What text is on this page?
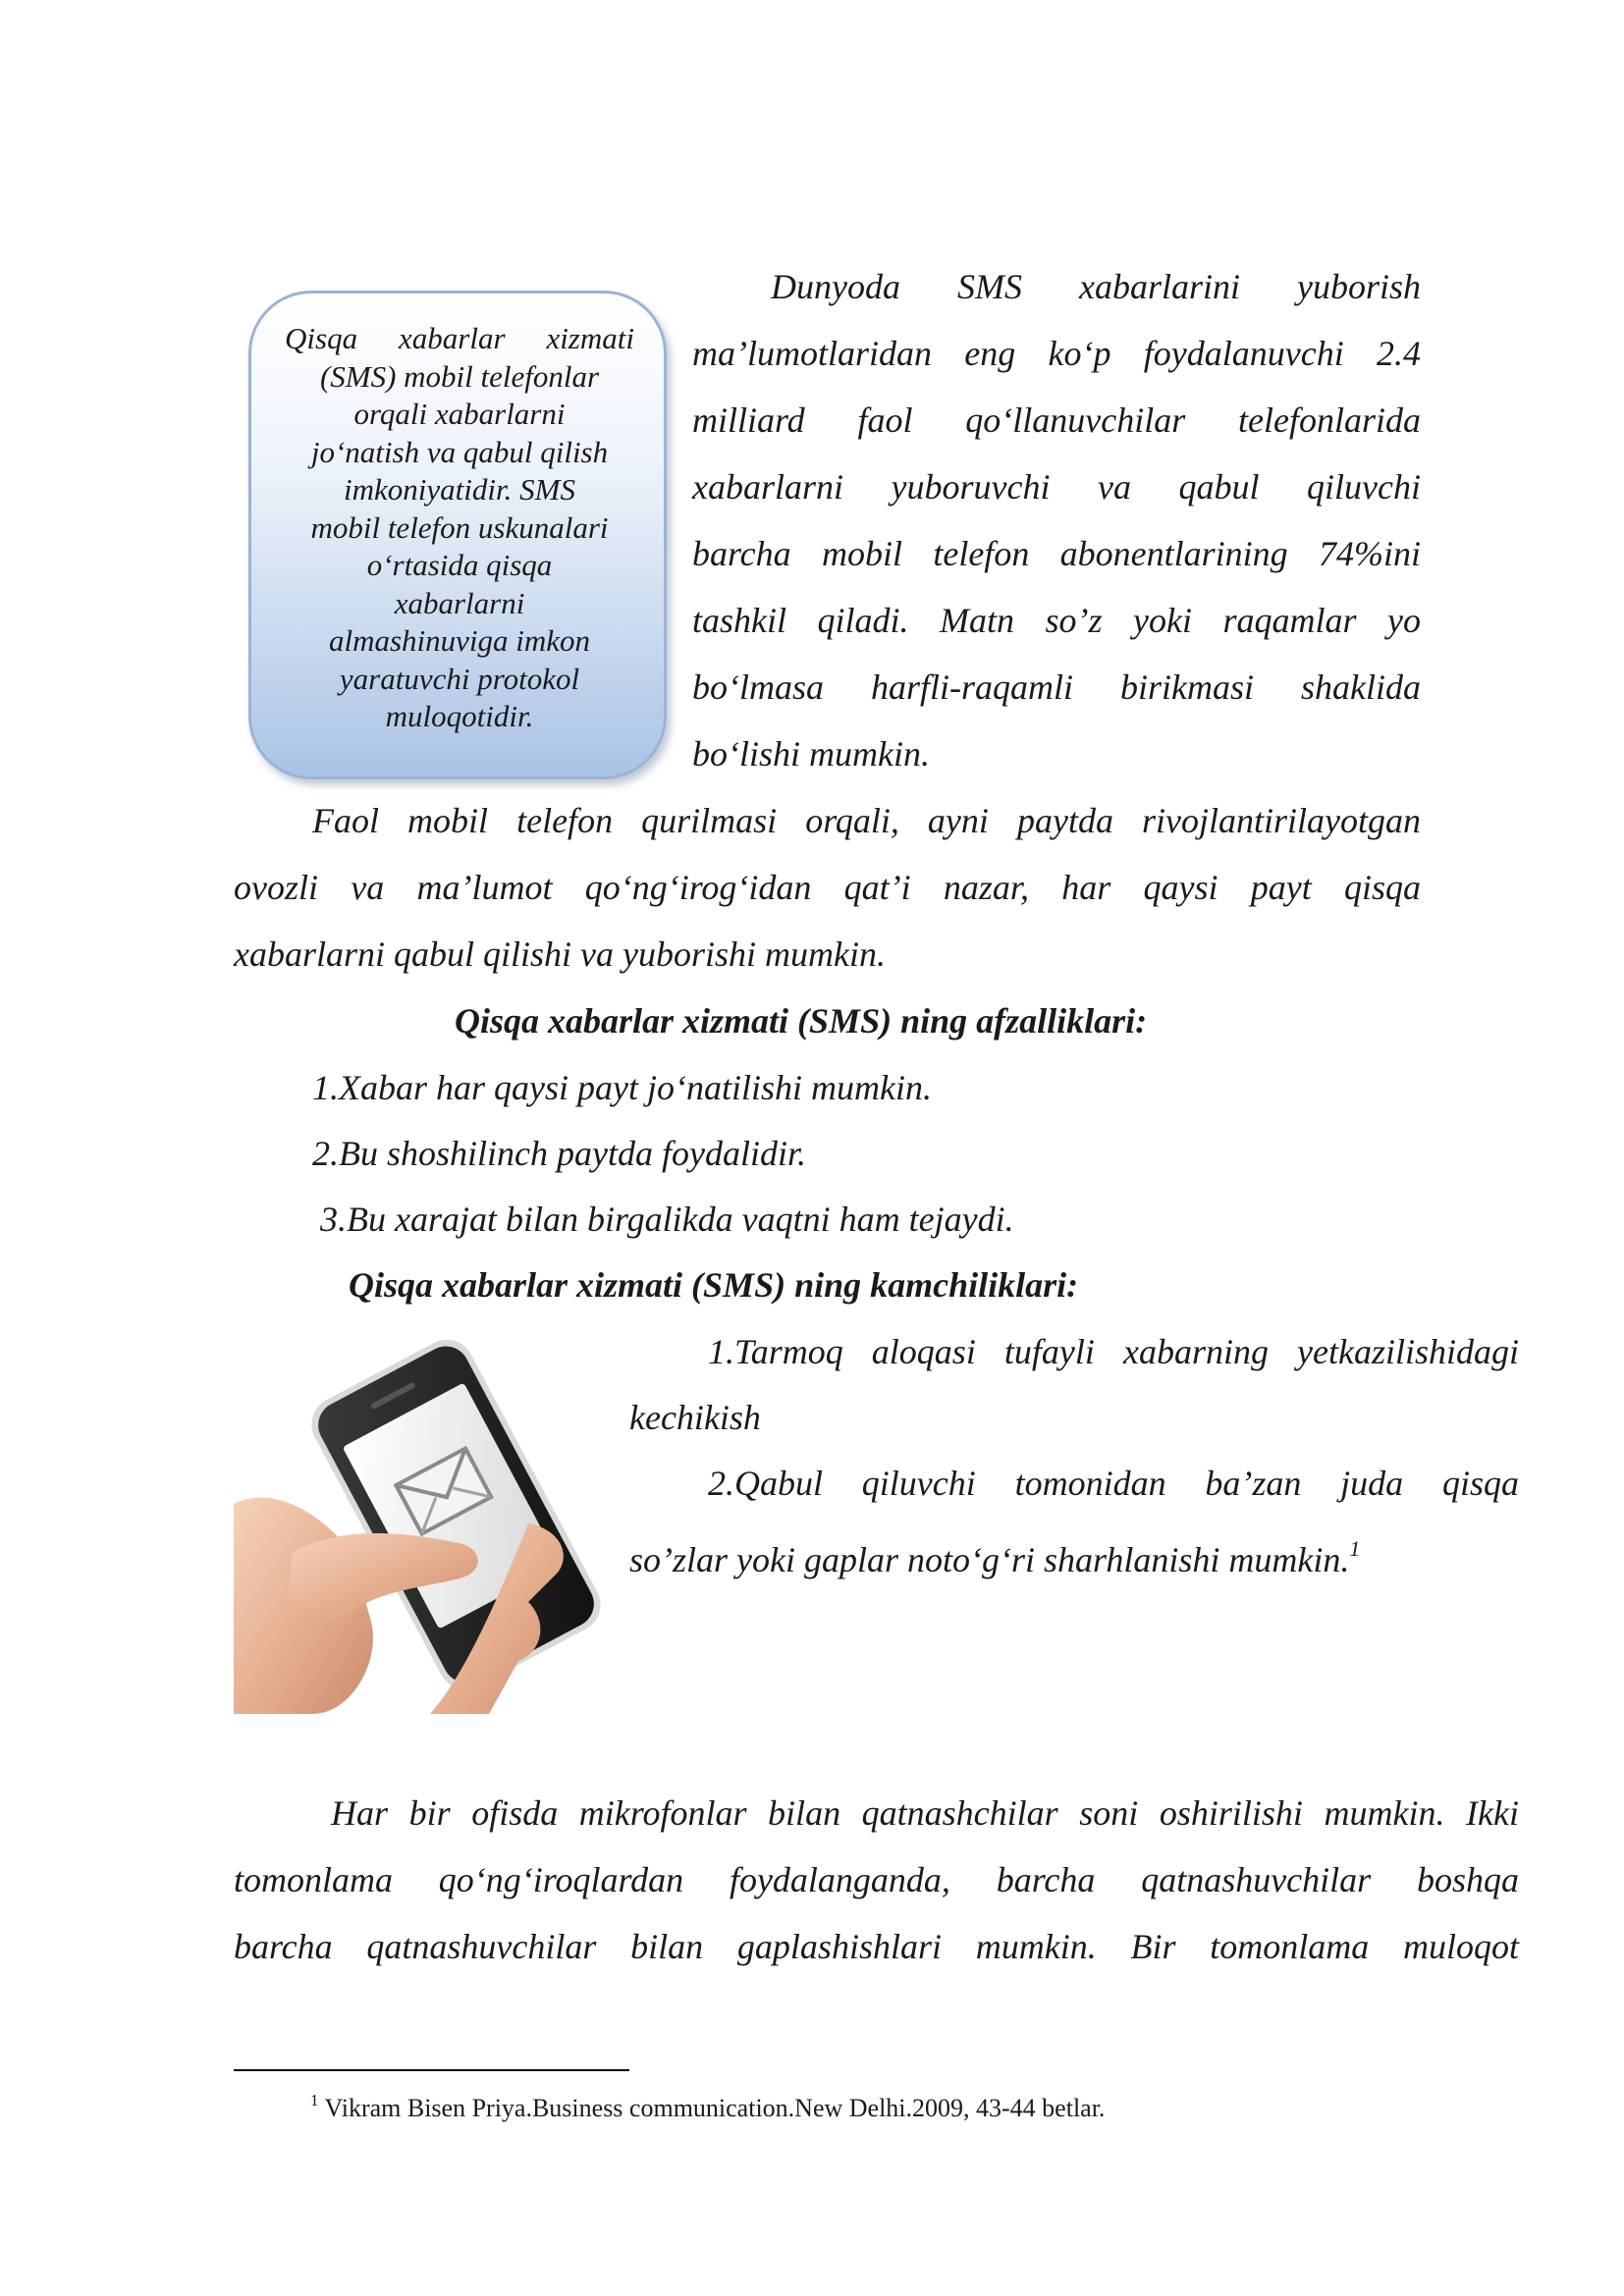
Qisqa xabarlar xizmati
(SMS) mobil telefonlar
orqali xabarlarni
jo‘natish va qabul qilish
imkoniyatidir. SMS
mobil telefon uskunalari
o‘rtasida qisqa
xabarlarni
almashinuviga imkon
yaratuvchi protokol
muloqotidir.
Dunyoda SMS xabarlarini yuborish
ma’lumotlaridan eng ko‘p foydalanuvchi 2.4
milliard faol qo‘llanuvchilar telefonlarida
xabarlarni yuboruvchi va qabul qiluvchi
barcha mobil telefon abonentlarining 74%ini
tashkil qiladi. Matn so’z yoki raqamlar yo
bo‘lmasa harfli-raqamli birikmasi shaklida
bo‘lishi mumkin.
Faol mobil telefon qurilmasi orqali, ayni paytda rivojlantirilayotgan
ovozli va ma’lumot qo‘ng‘irog‘idan qat’i nazar, har qaysi payt qisqa
xabarlarni qabul qilishi va yuborishi mumkin.
Qisqa xabarlar xizmati (SMS) ning afzalliklari:
1.Xabar har qaysi payt jo‘natilishi mumkin.
2.Bu shoshilinch paytda foydalidir.
3.Bu xarajat bilan birgalikda vaqtni ham tejaydi.
Qisqa xabarlar xizmati (SMS) ning kamchiliklari:
1.Tarmoq aloqasi tufayli xabarning yetkazilishidagi
kechikish
2.Qabul qiluvchi tomonidan ba’zan juda qisqa
so’zlar yoki gaplar noto‘g‘ri sharhlanishi mumkin.$^1$
Har bir ofisda mikrofonlar bilan qatnashchilar soni oshirilishi mumkin. Ikki
tomonlama qo‘ng‘iroqlardan foydalanganda, barcha qatnashuvchilar boshqa
barcha qatnashuvchilar bilan gaplashishlari mumkin. Bir tomonlama muloqot
$^1$ Vikram Bisen Priya.Business communication.New Delhi.2009, 43-44 betlar.
